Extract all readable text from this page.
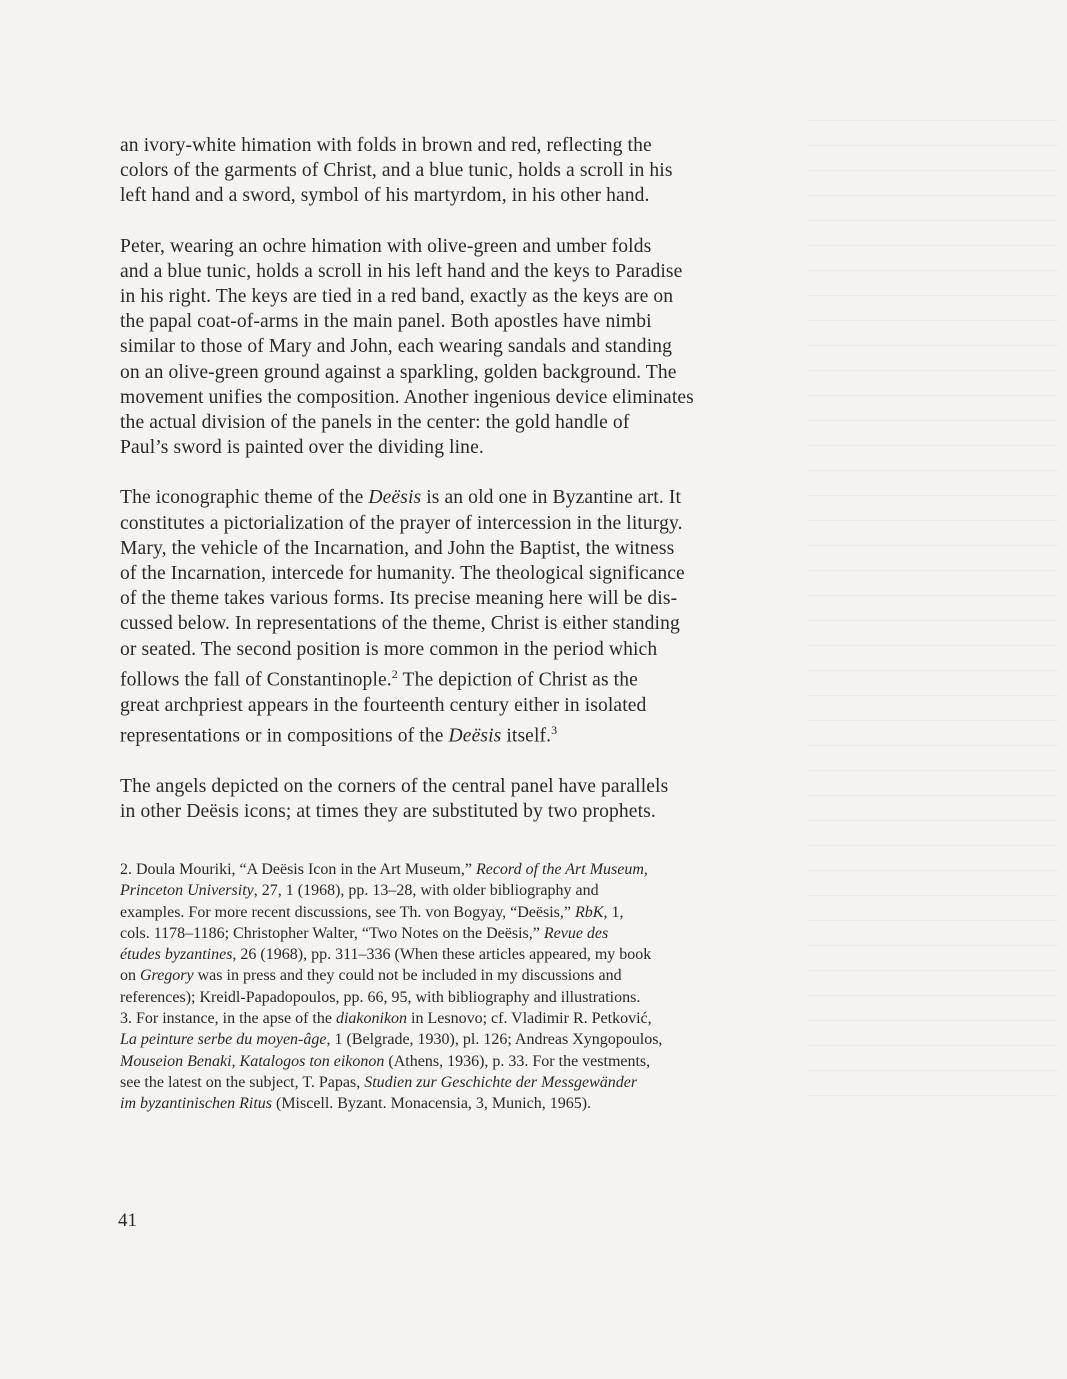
an ivory-white himation with folds in brown and red, reflecting the

colors of the garments of Christ, and a blue tunic, holds a scroll in his

left hand and a sword, symbol of his martyrdom, in his other hand.

Peter, wearing an ochre himation with olive-green and umber folds

and a blue tunic, holds a scroll in his left hand and the keys to Paradise

in his right. The keys are tied in a red band, exactly as the keys are on

the papal coat-of-arms in the main panel. Both apostles have nimbi

similar to those of Mary and John, each wearing sandals and standing

on an olive-green ground against a sparkling, golden background. The

movement unifies the composition. Another ingenious device eliminates

the actual division of the panels in the center: the gold handle of

Paul’s sword is painted over the dividing line.

The iconographic theme of the Deësis is an old one in Byzantine art. It

constitutes a pictorialization of the prayer of intercession in the liturgy.

Mary, the vehicle of the Incarnation, and John the Baptist, the witness

of the Incarnation, intercede for humanity. The theological significance

of the theme takes various forms. Its precise meaning here will be dis-

cussed below. In representations of the theme, Christ is either standing

or seated. The second position is more common in the period which

follows the fall of Constantinople.$^2$ The depiction of Christ as the

great archpriest appears in the fourteenth century either in isolated

representations or in compositions of the Deësis itself.$^3$

The angels depicted on the corners of the central panel have parallels

in other Deësis icons; at times they are substituted by two prophets.

2. Doula Mouriki, “A Deësis Icon in the Art Museum,” Record of the Art Museum,

Princeton University, 27, 1 (1968), pp. 13–28, with older bibliography and

examples. For more recent discussions, see Th. von Bogyay, “Deësis,” RbK, 1,

cols. 1178–1186; Christopher Walter, “Two Notes on the Deësis,” Revue des

études byzantines, 26 (1968), pp. 311–336 (When these articles appeared, my book

on Gregory was in press and they could not be included in my discussions and

references); Kreidl-Papadopoulos, pp. 66, 95, with bibliography and illustrations.

3. For instance, in the apse of the diakonikon in Lesnovo; cf. Vladimir R. Petković,

La peinture serbe du moyen-âge, 1 (Belgrade, 1930), pl. 126; Andreas Xyngopoulos,

Mouseion Benaki, Katalogos ton eikonon (Athens, 1936), p. 33. For the vestments,

see the latest on the subject, T. Papas, Studien zur Geschichte der Messgewänder

im byzantinischen Ritus (Miscell. Byzant. Monacensia, 3, Munich, 1965).

41
